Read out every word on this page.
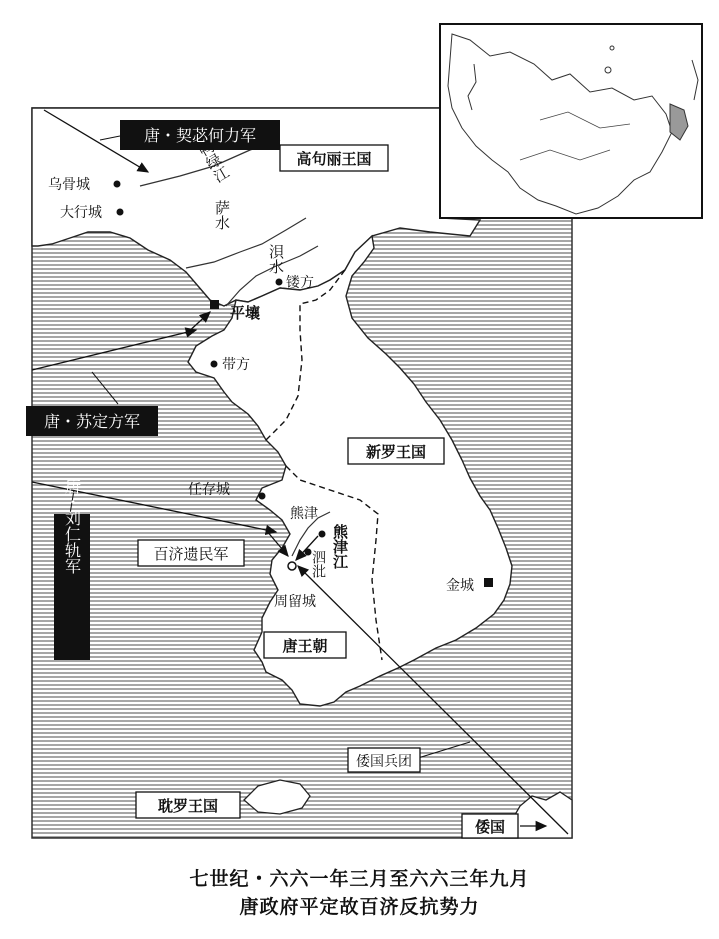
唐・契苾何力军
唐・苏定方军
唐・刘仁轨军
倭国兵团
倭国
高句丽王国
新罗王国
唐王朝
耽罗王国
百济遗民军
乌骨城
大行城
平壤
镂方
带方
任存城
熊津
周留城
金城
鸭绿江
萨水
浿水
熊津江
泗沘
七世纪・六六一年三月至六六三年九月
唐政府平定故百济反抗势力
